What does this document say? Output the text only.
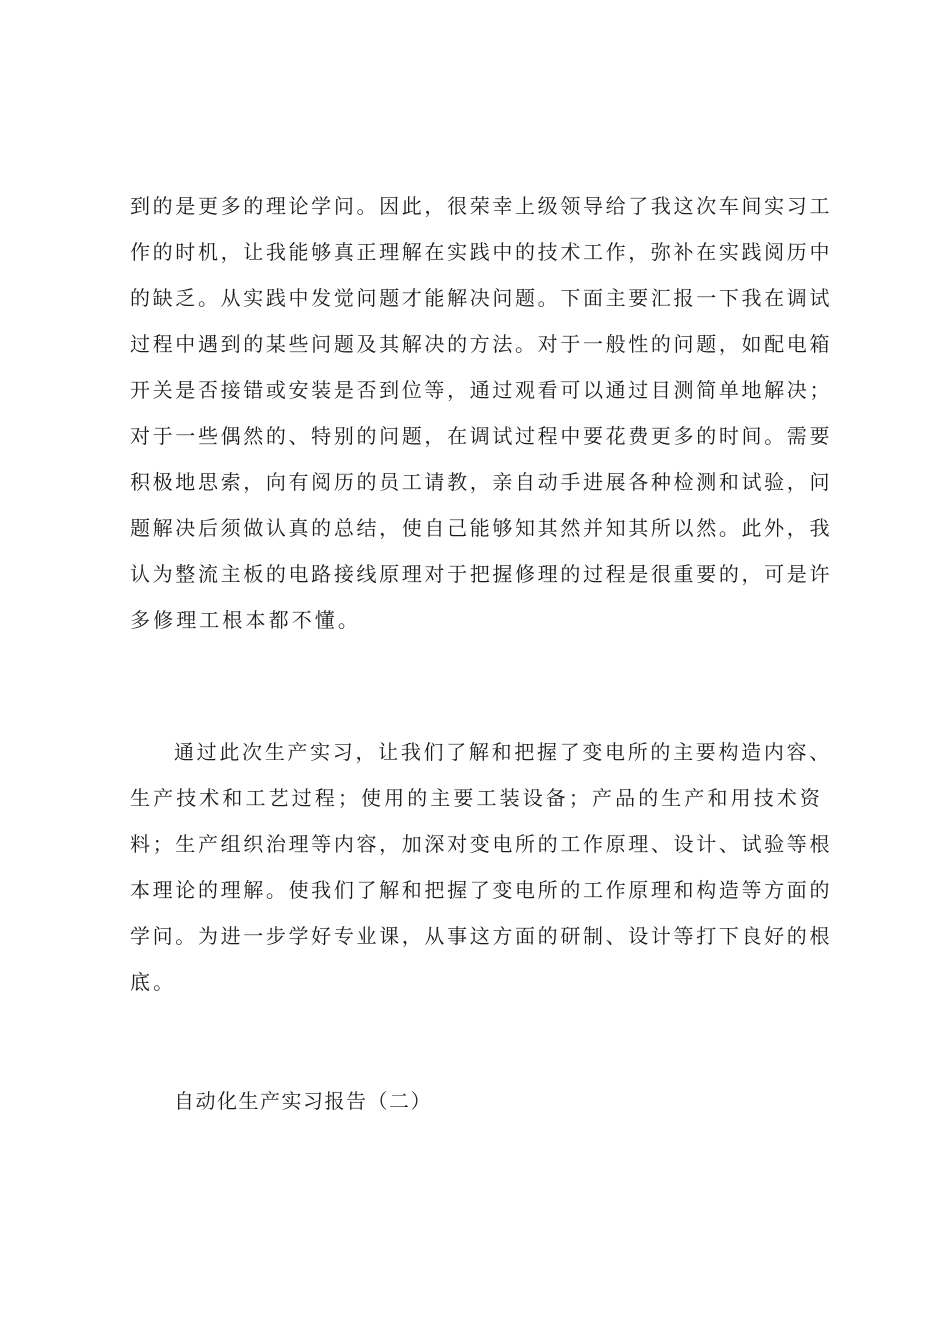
到的是更多的理论学问。因此，很荣幸上级领导给了我这次车间实习工
作的时机，让我能够真正理解在实践中的技术工作，弥补在实践阅历中
的缺乏。从实践中发觉问题才能解决问题。下面主要汇报一下我在调试
过程中遇到的某些问题及其解决的方法。对于一般性的问题，如配电箱
开关是否接错或安装是否到位等，通过观看可以通过目测简单地解决；
对于一些偶然的、特别的问题，在调试过程中要花费更多的时间。需要
积极地思索，向有阅历的员工请教，亲自动手进展各种检测和试验，问
题解决后须做认真的总结，使自己能够知其然并知其所以然。此外，我
认为整流主板的电路接线原理对于把握修理的过程是很重要的，可是许
多修理工根本都不懂。

通过此次生产实习，让我们了解和把握了变电所的主要构造内容、
生产技术和工艺过程；使用的主要工装设备；产品的生产和用技术资
料；生产组织治理等内容，加深对变电所的工作原理、设计、试验等根
本理论的理解。使我们了解和把握了变电所的工作原理和构造等方面的
学问。为进一步学好专业课，从事这方面的研制、设计等打下良好的根
底。

自动化生产实习报告（二）
